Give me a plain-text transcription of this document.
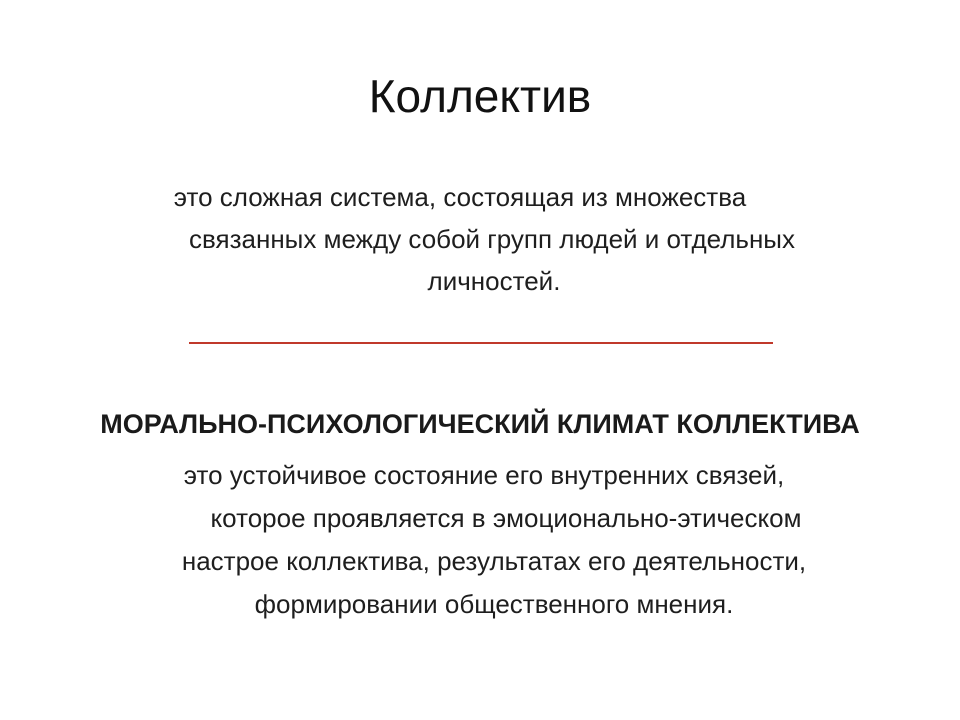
Коллектив

это сложная система, состоящая из множества
связанных между собой групп людей и отдельных
личностей.

МОРАЛЬНО-ПСИХОЛОГИЧЕСКИЙ КЛИМАТ КОЛЛЕКТИВА

это устойчивое состояние его внутренних связей,
которое проявляется в эмоционально-этическом
настрое коллектива, результатах его деятельности,
формировании общественного мнения.
